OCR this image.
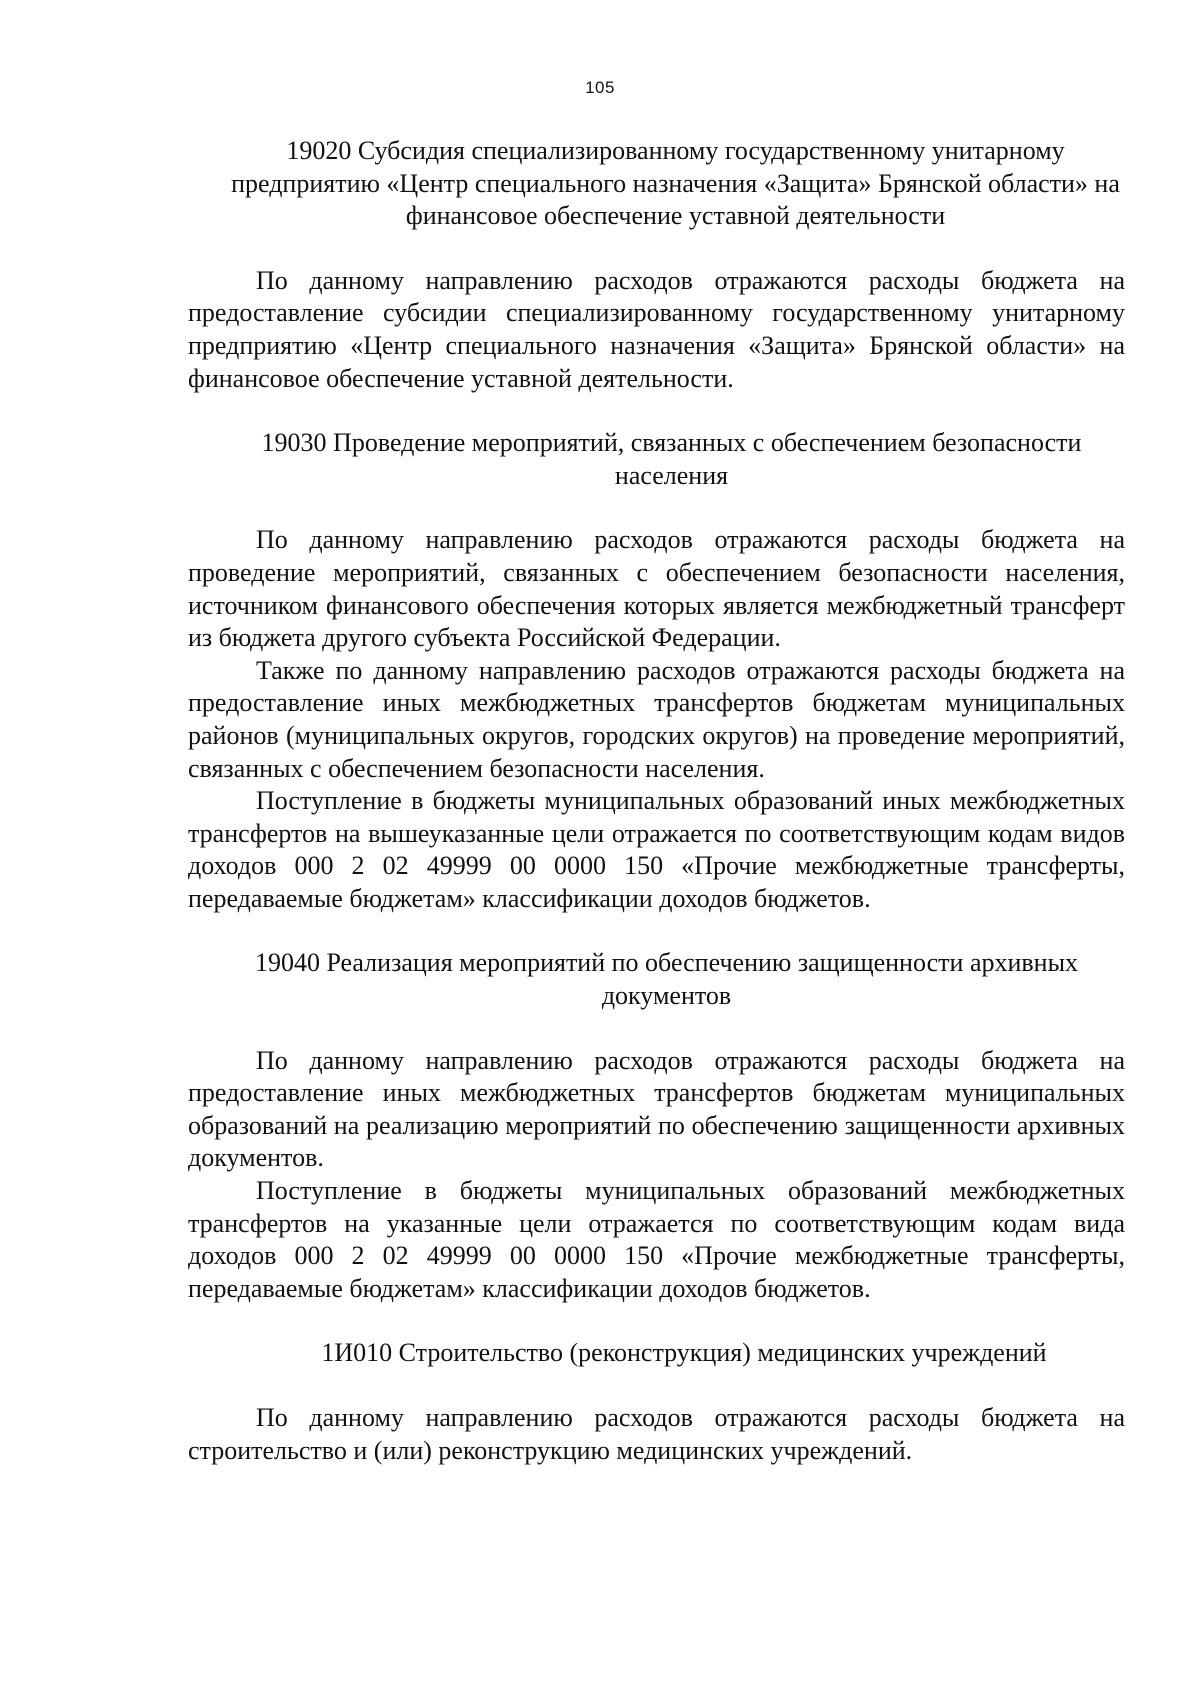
105

19020 Субсидия специализированному государственному унитарному предприятию «Центр специального назначения «Защита» Брянской области» на финансовое обеспечение уставной деятельности

По данному направлению расходов отражаются расходы бюджета на предоставление субсидии специализированному государственному унитарному предприятию «Центр специального назначения «Защита» Брянской области» на финансовое обеспечение уставной деятельности.

19030 Проведение мероприятий, связанных с обеспечением безопасности населения

По данному направлению расходов отражаются расходы бюджета на проведение мероприятий, связанных с обеспечением безопасности населения, источником финансового обеспечения которых является межбюджетный трансферт из бюджета другого субъекта Российской Федерации.

Также по данному направлению расходов отражаются расходы бюджета на предоставление иных межбюджетных трансфертов бюджетам муниципальных районов (муниципальных округов, городских округов) на проведение мероприятий, связанных с обеспечением безопасности населения.

Поступление в бюджеты муниципальных образований иных межбюджетных трансфертов на вышеуказанные цели отражается по соответствующим кодам видов доходов 000 2 02 49999 00 0000 150 «Прочие межбюджетные трансферты, передаваемые бюджетам» классификации доходов бюджетов.

19040 Реализация мероприятий по обеспечению защищенности архивных документов

По данному направлению расходов отражаются расходы бюджета на предоставление иных межбюджетных трансфертов бюджетам муниципальных образований на реализацию мероприятий по обеспечению защищенности архивных документов.

Поступление в бюджеты муниципальных образований межбюджетных трансфертов на указанные цели отражается по соответствующим кодам вида доходов 000 2 02 49999 00 0000 150 «Прочие межбюджетные трансферты, передаваемые бюджетам» классификации доходов бюджетов.

1И010 Строительство (реконструкция) медицинских учреждений

По данному направлению расходов отражаются расходы бюджета на строительство и (или) реконструкцию медицинских учреждений.
